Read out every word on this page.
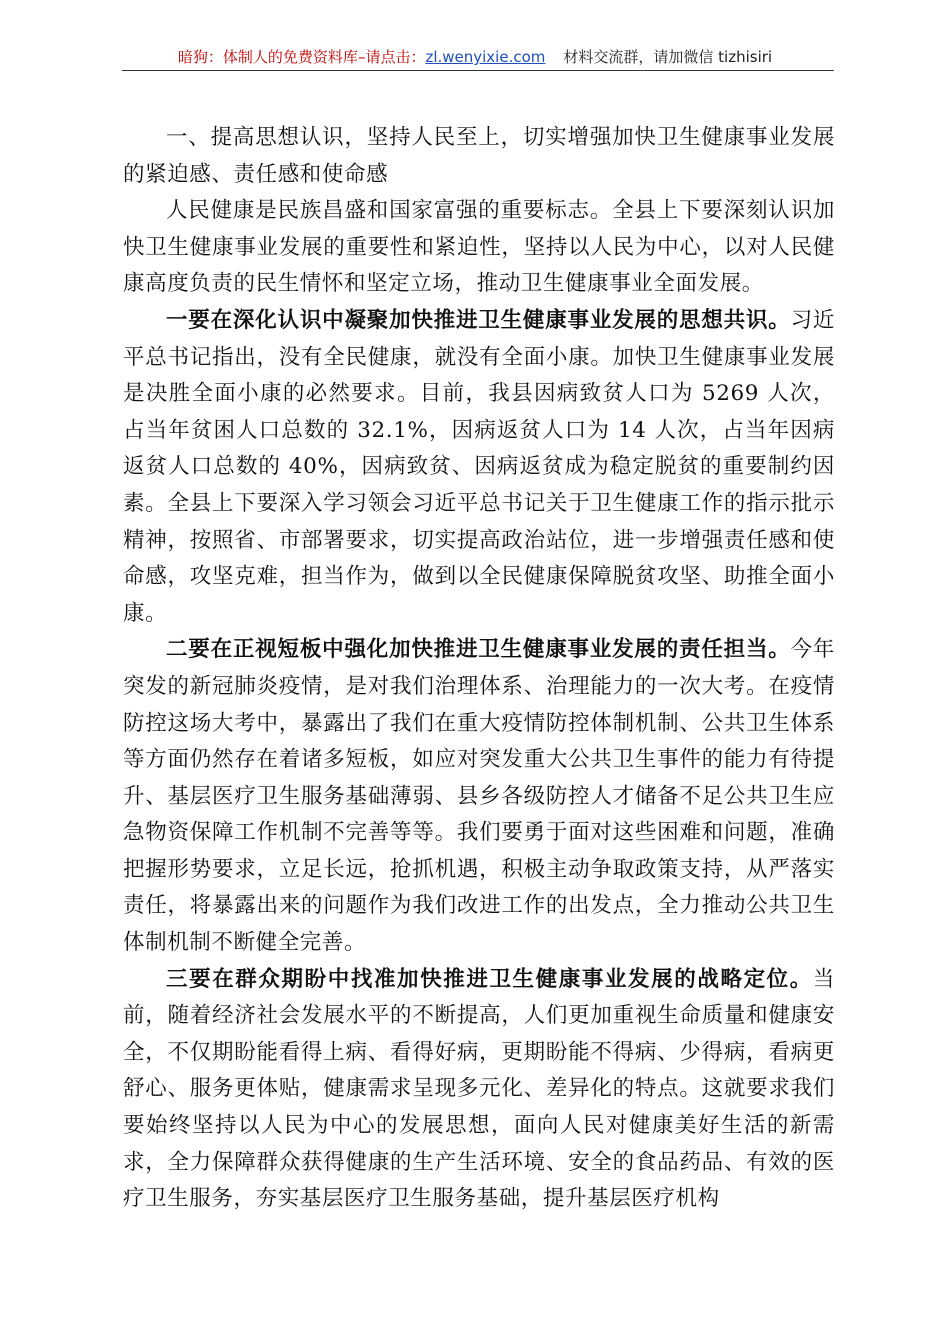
暗狗：体制人的免费资料库–请点击：zl.wenyixie.com 材料交流群，请加微信 tizhisiri

一、提高思想认识，坚持人民至上，切实增强加快卫生健康事业发展的紧迫感、责任感和使命感

人民健康是民族昌盛和国家富强的重要标志。全县上下要深刻认识加快卫生健康事业发展的重要性和紧迫性，坚持以人民为中心，以对人民健康高度负责的民生情怀和坚定立场，推动卫生健康事业全面发展。

一要在深化认识中凝聚加快推进卫生健康事业发展的思想共识。习近平总书记指出，没有全民健康，就没有全面小康。加快卫生健康事业发展是决胜全面小康的必然要求。目前，我县因病致贫人口为 5269 人次，占当年贫困人口总数的 32.1%，因病返贫人口为 14 人次，占当年因病返贫人口总数的 40%，因病致贫、因病返贫成为稳定脱贫的重要制约因素。全县上下要深入学习领会习近平总书记关于卫生健康工作的指示批示精神，按照省、市部署要求，切实提高政治站位，进一步增强责任感和使命感，攻坚克难，担当作为，做到以全民健康保障脱贫攻坚、助推全面小康。

二要在正视短板中强化加快推进卫生健康事业发展的责任担当。今年突发的新冠肺炎疫情，是对我们治理体系、治理能力的一次大考。在疫情防控这场大考中，暴露出了我们在重大疫情防控体制机制、公共卫生体系等方面仍然存在着诸多短板，如应对突发重大公共卫生事件的能力有待提升、基层医疗卫生服务基础薄弱、县乡各级防控人才储备不足公共卫生应急物资保障工作机制不完善等等。我们要勇于面对这些困难和问题，准确把握形势要求，立足长远，抢抓机遇，积极主动争取政策支持，从严落实责任，将暴露出来的问题作为我们改进工作的出发点，全力推动公共卫生体制机制不断健全完善。

三要在群众期盼中找准加快推进卫生健康事业发展的战略定位。当前，随着经济社会发展水平的不断提高，人们更加重视生命质量和健康安全，不仅期盼能看得上病、看得好病，更期盼能不得病、少得病，看病更舒心、服务更体贴，健康需求呈现多元化、差异化的特点。这就要求我们要始终坚持以人民为中心的发展思想，面向人民对健康美好生活的新需求，全力保障群众获得健康的生产生活环境、安全的食品药品、有效的医疗卫生服务，夯实基层医疗卫生服务基础，提升基层医疗机构
